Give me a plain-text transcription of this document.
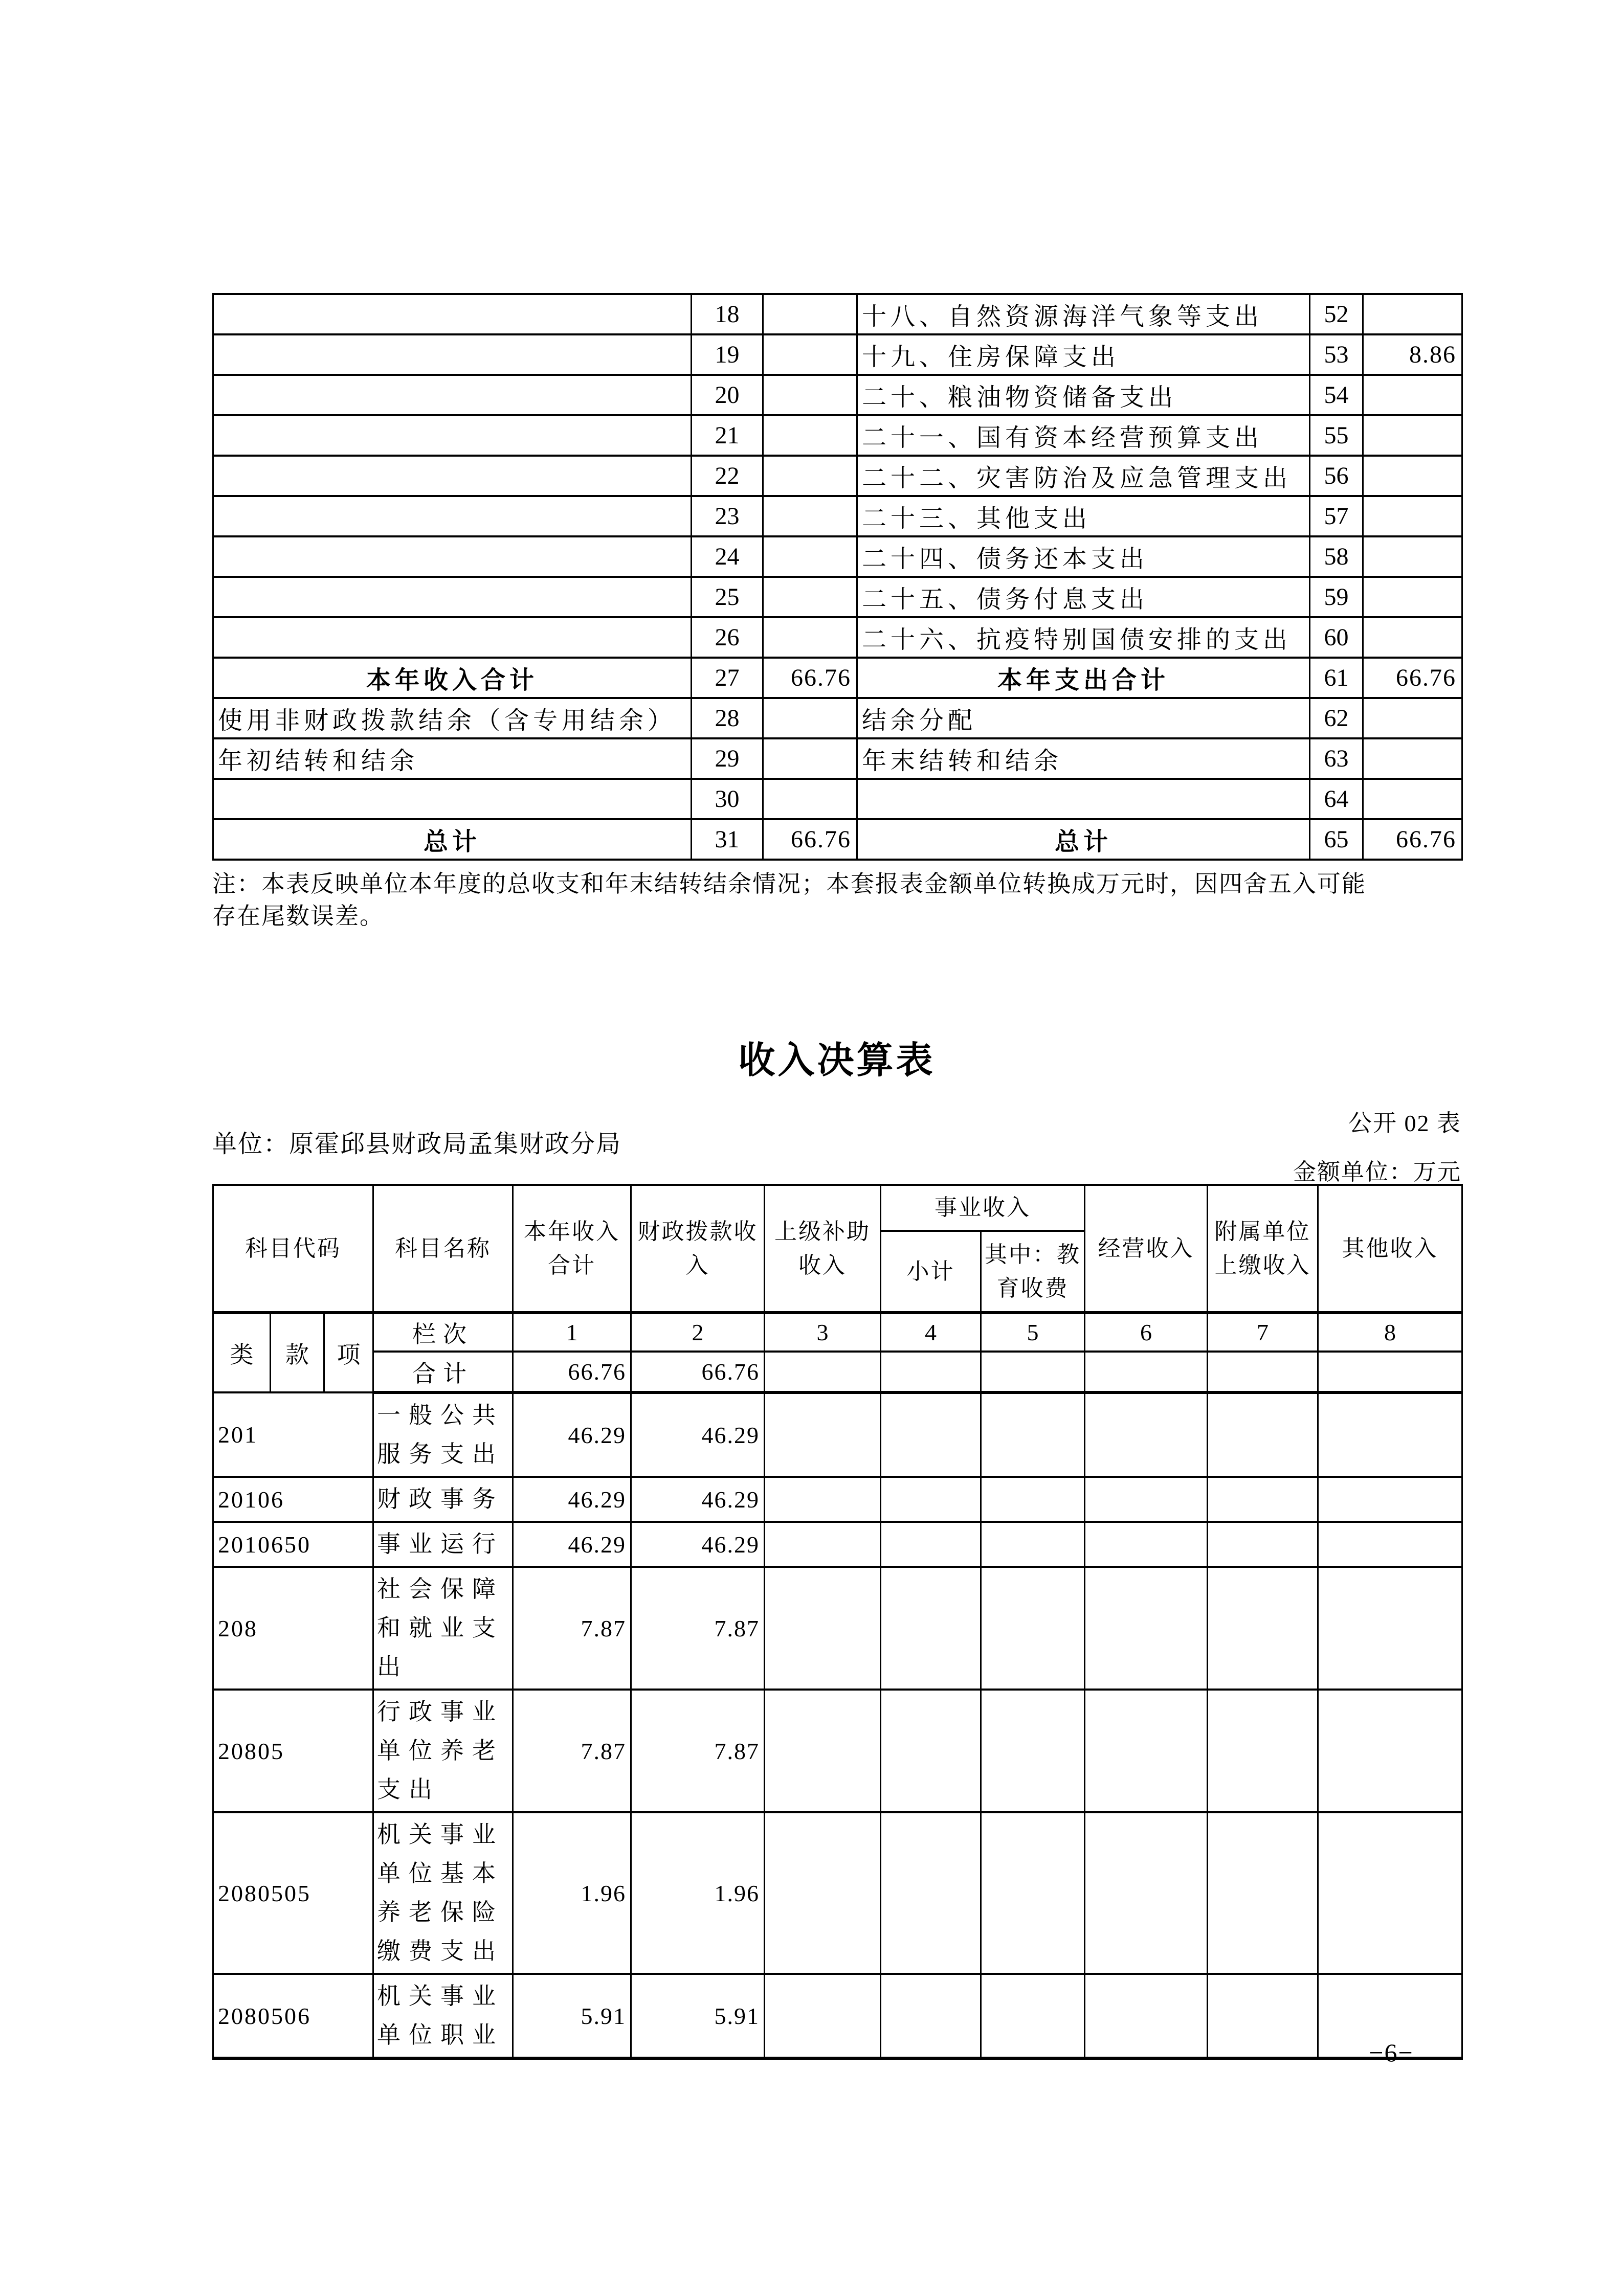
	18		十八、自然资源海洋气象等支出	52	
	19		十九、住房保障支出	53	8.86
	20		二十、粮油物资储备支出	54	
	21		二十一、国有资本经营预算支出	55	
	22		二十二、灾害防治及应急管理支出	56	
	23		二十三、其他支出	57	
	24		二十四、债务还本支出	58	
	25		二十五、债务付息支出	59	
	26		二十六、抗疫特别国债安排的支出	60	
本年收入合计	27	66.76	本年支出合计	61	66.76
使用非财政拨款结余（含专用结余）	28		结余分配	62	
年初结转和结余	29		年末结转和结余	63	
	30			64	
总计	31	66.76	总计	65	66.76
注：本表反映单位本年度的总收支和年末结转结余情况；本套报表金额单位转换成万元时，因四舍五入可能
存在尾数误差。
收入决算表
公开 02 表
单位：原霍邱县财政局孟集财政分局
金额单位：万元
科目代码			科目名称	本年收入合计	财政拨款收入	上级补助收入	事业收入		经营收入	附属单位上缴收入	其他收入
							小计	其中：教育收费			
类	款	项	栏次	1	2	3	4	5	6	7	8
			合计	66.76	66.76						
201			一般公共服务支出	46.29	46.29						
20106			财政事务	46.29	46.29						
2010650			事业运行	46.29	46.29						
208			社会保障和就业支出	7.87	7.87						
20805			行政事业单位养老支出	7.87	7.87						
2080505			机关事业单位基本养老保险缴费支出	1.96	1.96						
2080506			机关事业单位职业	5.91	5.91						
−6−
